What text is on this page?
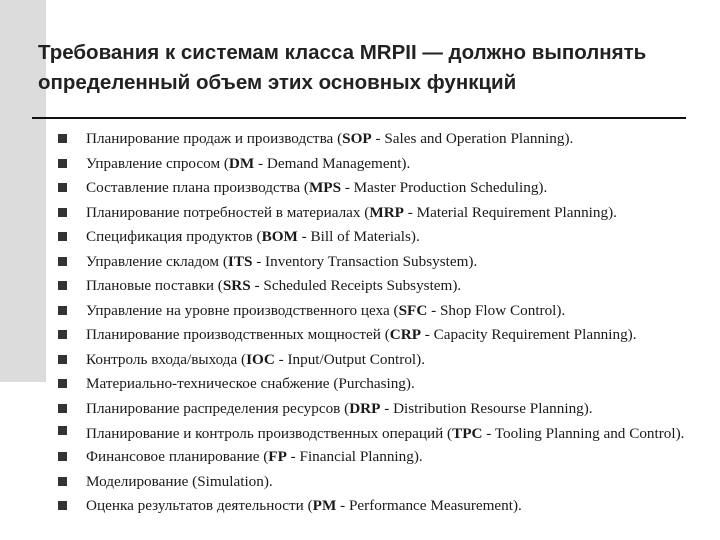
Требования к системам класса MRPII — должно выполнять определенный объем этих основных функций
Планирование продаж и производства (SOP - Sales and Operation Planning).
Управление спросом (DM - Demand Management).
Составление плана производства (MPS - Master Production Scheduling).
Планирование потребностей в материалах (MRP - Material Requirement Planning).
Спецификация продуктов (BOM - Bill of Materials).
Управление складом (ITS - Inventory Transaction Subsystem).
Плановые поставки (SRS - Scheduled Receipts Subsystem).
Управление на уровне производственного цеха (SFC - Shop Flow Control).
Планирование производственных мощностей (CRP - Capacity Requirement Planning).
Контроль входа/выхода (IOC - Input/Output Control).
Материально-техническое снабжение (Purchasing).
Планирование распределения ресурсов (DRP - Distribution Resourse Planning).
Планирование и контроль производственных операций (TPC - Tooling Planning and Control).
Финансовое планирование (FP - Financial Planning).
Моделирование (Simulation).
Оценка результатов деятельности (PM - Performance Measurement).
